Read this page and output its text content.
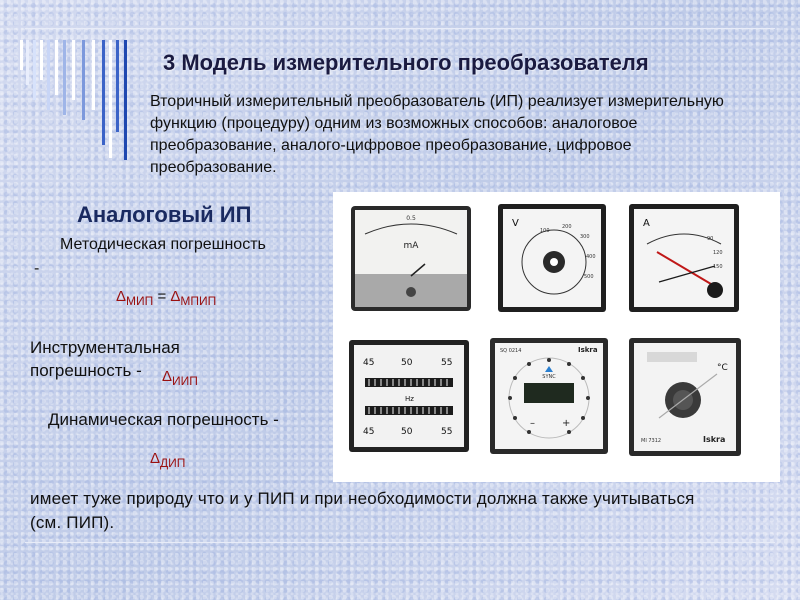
3 Модель измерительного преобразователя
Вторичный измерительный преобразователь (ИП) реализует измерительную функцию (процедуру) одним из возможных способов: аналоговое преобразование, аналого-цифровое преобразование, цифровое преобразование.
Аналоговый ИП
Методическая погрешность
-
$\Delta_{МИП} = \Delta_{МПИП}$
Инструментальная
погрешность - $\Delta_{ИИП}$
Динамическая погрешность -
$\Delta_{ДИП}$
имеет туже природу что и у ПИП и при необходимости должна также учитываться (см. ПИП).
0.5
mA
V
100
200
300
400
500
A
90
120
150
45	50	55
Hz
45	50	55
SQ 0214	Iskra
SYNC
–	+
°C
MI 7312	Iskra
